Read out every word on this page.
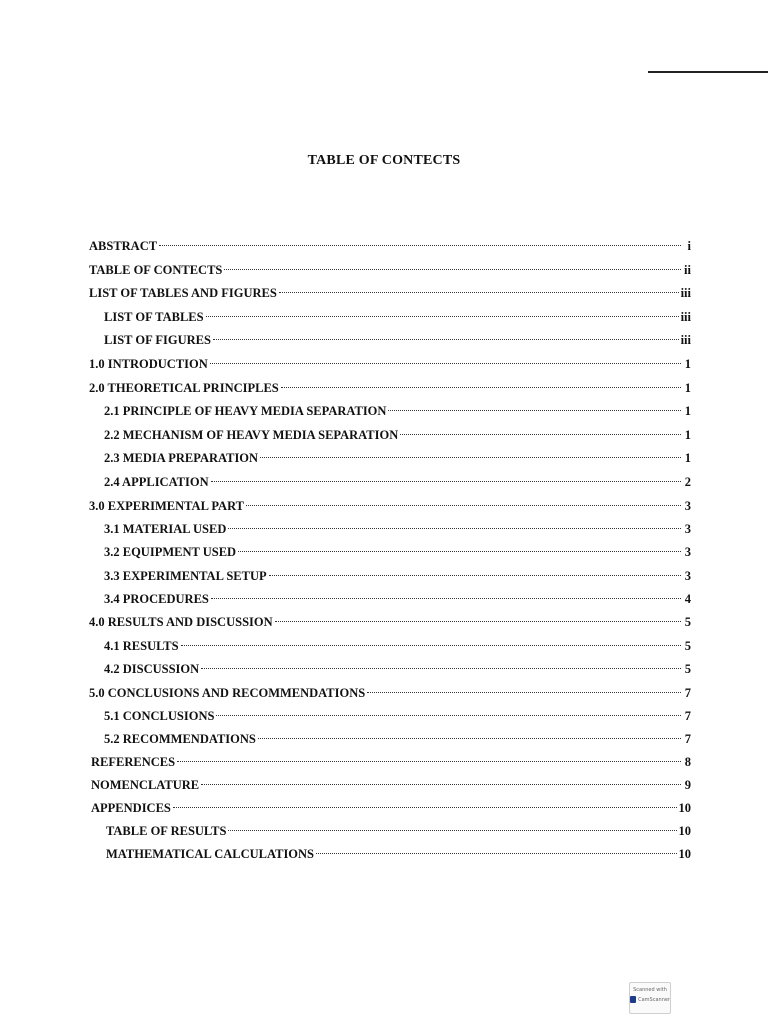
TABLE OF CONTECTS
ABSTRACT	i
TABLE OF CONTECTS	ii
LIST OF TABLES AND FIGURES	iii
LIST OF TABLES	iii
LIST OF FIGURES	iii
1.0 INTRODUCTION	1
2.0 THEORETICAL PRINCIPLES	1
2.1 PRINCIPLE OF HEAVY MEDIA SEPARATION	1
2.2 MECHANISM OF HEAVY MEDIA SEPARATION	1
2.3 MEDIA PREPARATION	1
2.4 APPLICATION	2
3.0 EXPERIMENTAL PART	3
3.1 MATERIAL USED	3
3.2 EQUIPMENT USED	3
3.3 EXPERIMENTAL SETUP	3
3.4 PROCEDURES	4
4.0 RESULTS AND DISCUSSION	5
4.1 RESULTS	5
4.2 DISCUSSION	5
5.0 CONCLUSIONS AND RECOMMENDATIONS	7
5.1 CONCLUSIONS	7
5.2 RECOMMENDATIONS	7
REFERENCES	8
NOMENCLATURE	9
APPENDICES	10
TABLE OF RESULTS	10
MATHEMATICAL CALCULATIONS	10
Scanned with
CamScanner
